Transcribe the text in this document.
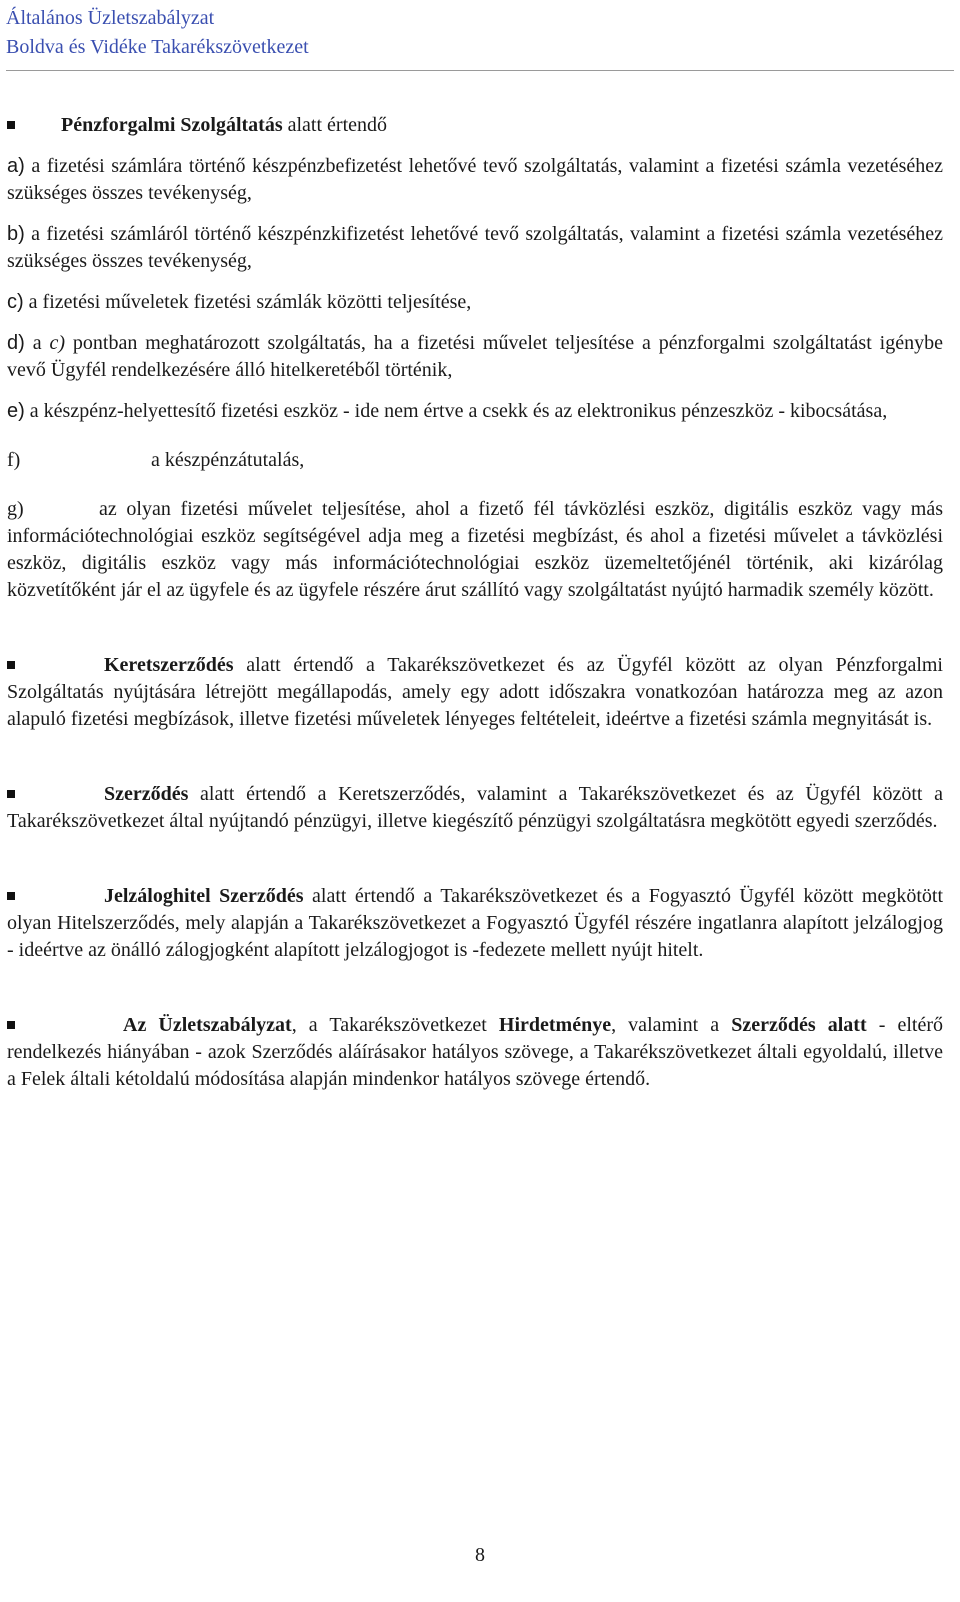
Általános Üzletszabályzat
Boldva és Vidéke Takarékszövetkezet

Pénzforgalmi Szolgáltatás alatt értendő

a) a fizetési számlára történő készpénzbefizetést lehetővé tevő szolgáltatás, valamint a fizetési számla vezetéséhez szükséges összes tevékenység,

b) a fizetési számláról történő készpénzkifizetést lehetővé tevő szolgáltatás, valamint a fizetési számla vezetéséhez szükséges összes tevékenység,

c) a fizetési műveletek fizetési számlák közötti teljesítése,

d) a c) pontban meghatározott szolgáltatás, ha a fizetési művelet teljesítése a pénzforgalmi szolgáltatást igénybe vevő Ügyfél rendelkezésére álló hitelkeretéből történik,

e) a készpénz-helyettesítő fizetési eszköz - ide nem értve a csekk és az elektronikus pénzeszköz - kibocsátása,

f)	a készpénzátutalás,

g)	az olyan fizetési művelet teljesítése, ahol a fizető fél távközlési eszköz, digitális eszköz vagy más információtechnológiai eszköz segítségével adja meg a fizetési megbízást, és ahol a fizetési művelet a távközlési eszköz, digitális eszköz vagy más információtechnológiai eszköz üzemeltetőjénél történik, aki kizárólag közvetítőként jár el az ügyfele és az ügyfele részére árut szállító vagy szolgáltatást nyújtó harmadik személy között.

Keretszerződés alatt értendő a Takarékszövetkezet és az Ügyfél között az olyan Pénzforgalmi Szolgáltatás nyújtására létrejött megállapodás, amely egy adott időszakra vonatkozóan határozza meg az azon alapuló fizetési megbízások, illetve fizetési műveletek lényeges feltételeit, ideértve a fizetési számla megnyitását is.

Szerződés alatt értendő a Keretszerződés, valamint a Takarékszövetkezet és az Ügyfél között a Takarékszövetkezet által nyújtandó pénzügyi, illetve kiegészítő pénzügyi szolgáltatásra megkötött egyedi szerződés.

Jelzáloghitel Szerződés alatt értendő a Takarékszövetkezet és a Fogyasztó Ügyfél között megkötött olyan Hitelszerződés, mely alapján a Takarékszövetkezet a Fogyasztó Ügyfél részére ingatlanra alapított jelzálogjog - ideértve az önálló zálogjogként alapított jelzálogjogot is -fedezete mellett nyújt hitelt.

Az Üzletszabályzat, a Takarékszövetkezet Hirdetménye, valamint a Szerződés alatt - eltérő rendelkezés hiányában - azok Szerződés aláírásakor hatályos szövege, a Takarékszövetkezet általi egyoldalú, illetve a Felek általi kétoldalú módosítása alapján mindenkor hatályos szövege értendő.

8
